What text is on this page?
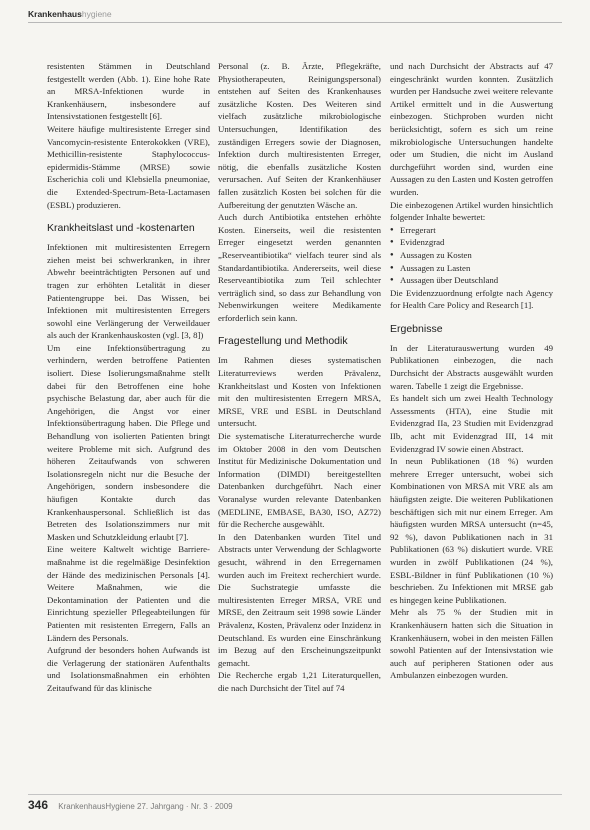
Krankenhaushygiene

resistenten Stämmen in Deutschland festgestellt werden (Abb. 1). Eine hohe Rate an MRSA-Infektionen wurde in Krankenhäusern, insbesondere auf Intensivstationen festgestellt [6].

Weitere häufige multiresistente Erreger sind Vancomycin-resistente Enterokokken (VRE), Methicillin-resistente Staphylococcus-epidermidis-Stämme (MRSE) sowie Escherichia coli und Klebsiella pneumoniae, die Extended-Spectrum-Beta-Lactamasen (ESBL) produzieren.

Krankheitslast und -kostenarten

Infektionen mit multiresistenten Erregern ziehen meist bei schwerkranken, in ihrer Abwehr beeinträchtigten Personen auf und tragen zur erhöhten Letalität in dieser Patientengruppe bei. Das Wissen, bei Infektionen mit multiresistenten Erregers sowohl eine Verlängerung der Verweildauer als auch der Krankenhauskosten (vgl. [3, 8])

Um eine Infektionsübertragung zu verhindern, werden betroffene Patienten isoliert. Diese Isolierungsmaßnahme stellt dabei für den Betroffenen eine hohe psychische Belastung dar, aber auch für die Angehörigen, die Angst vor einer Infektionsübertragung haben. Die Pflege und Behandlung von isolierten Patienten bringt weitere Probleme mit sich. Aufgrund des höheren Zeitaufwands von schweren Isolationsregeln nicht nur die Besuche der Angehörigen, sondern insbesondere die häufigen Kontakte durch das Krankenhauspersonal. Schließlich ist das Betreten des Isolationszimmers nur mit Masken und Schutzkleidung erlaubt [7].

Eine weitere Kaltwelt wichtige Barriere-maßnahme ist die regelmäßige Desinfektion der Hände des medizinischen Personals [4]. Weitere Maßnahmen, wie die Dekontamination der Patienten und die Einrichtung spezieller Pflegeabteilungen für Patienten mit resistenten Erregern, Falls an Ländern des Personals.

Aufgrund der besonders hohen Aufwands ist die Verlagerung der stationären Aufenthalts und Isolationsmaßnahmen ein erhöhten Zeitaufwand für das klinische

Personal (z. B. Ärzte, Pflegekräfte, Physiotherapeuten, Reinigungspersonal) entstehen auf Seiten des Krankenhauses zusätzliche Kosten. Des Weiteren sind vielfach zusätzliche mikrobiologische Untersuchungen, Identifikation des zuständigen Erregers sowie der Diagnosen, Infektion durch multiresistenten Erreger, nötig, die ebenfalls zusätzliche Kosten verursachen. Auf Seiten der Krankenhäuser fallen zusätzlich Kosten bei solchen für die Aufbereitung der genutzten Wäsche an.

Auch durch Antibiotika entstehen erhöhte Kosten. Einerseits, weil die resistenten Erreger eingesetzt werden genannten „Reserveantibiotika“ vielfach teurer sind als Standardantibiotika. Andererseits, weil diese Reserveantibiotika zum Teil schlechter verträglich sind, so dass zur Behandlung von Nebenwirkungen weitere Medikamente erforderlich sein kann.

Fragestellung und Methodik

Im Rahmen dieses systematischen Literaturreviews werden Prävalenz, Krankheitslast und Kosten von Infektionen mit den multiresistenten Erregern MRSA, MRSE, VRE und ESBL in Deutschland untersucht.

Die systematische Literaturrecherche wurde im Oktober 2008 in den vom Deutschen Institut für Medizinische Dokumentation und Information (DIMDI) bereitgestellten Datenbanken durchgeführt. Nach einer Voranalyse wurden relevante Datenbanken (MEDLINE, EMBASE, BA30, ISO, AZ72) für die Recherche ausgewählt.

In den Datenbanken wurden Titel und Abstracts unter Verwendung der Schlagworte gesucht, während in den Erregernamen wurden auch im Freitext recherchiert wurde. Die Suchstrategie umfasste die multiresistenten Erreger MRSA, VRE und MRSE, den Zeitraum seit 1998 sowie Länder Prävalenz, Kosten, Prävalenz oder Inzidenz in Deutschland. Es wurden eine Einschränkung im Bezug auf den Erscheinungszeitpunkt gemacht.

Die Recherche ergab 1,21 Literaturquellen, die nach Durchsicht der Titel auf 74

und nach Durchsicht der Abstracts auf 47 eingeschränkt wurden konnten. Zusätzlich wurden per Handsuche zwei weitere relevante Artikel ermittelt und in die Auswertung einbezogen. Stichproben wurden nicht berücksichtigt, sofern es sich um reine mikrobiologische Untersuchungen handelte oder um Studien, die nicht im Ausland durchgeführt worden sind, wurden eine Aussagen zu den Lasten und Kosten getroffen wurden.

Die einbezogenen Artikel wurden hinsichtlich folgender Inhalte bewertet:

● Erregerart
● Evidenzgrad
● Aussagen zu Kosten
● Aussagen zu Lasten
● Aussagen über Deutschland

Die Evidenzzuordnung erfolgte nach Agency for Health Care Policy and Research [1].

Ergebnisse

In der Literaturauswertung wurden 49 Publikationen einbezogen, die nach Durchsicht der Abstracts ausgewählt wurden waren. Tabelle 1 zeigt die Ergebnisse.

Es handelt sich um zwei Health Technology Assessments (HTA), eine Studie mit Evidenzgrad IIa, 23 Studien mit Evidenzgrad IIb, acht mit Evidenzgrad III, 14 mit Evidenzgrad IV sowie einen Abstract.

In neun Publikationen (18 %) wurden mehrere Erreger untersucht, wobei sich Kombinationen von MRSA mit VRE als am häufigsten zeigte. Die weiteren Publikationen beschäftigen sich mit nur einem Erreger. Am häufigsten wurden MRSA untersucht (n=45, 92 %), davon Publikationen nach in 31 Publikationen (63 %) diskutiert wurde. VRE wurden in zwölf Publikationen (24 %), ESBL-Bildner in fünf Publikationen (10 %) beschrieben. Zu Infektionen mit MRSE gab es hingegen keine Publikationen.

Mehr als 75 % der Studien mit in Krankenhäusern hatten sich die Situation in Krankenhäusern, wobei in den meisten Fällen sowohl Patienten auf der Intensivstation wie auch auf peripheren Stationen oder aus Ambulanzen einbezogen wurden.

346 KrankenhausHygiene 27. Jahrgang · Nr. 3 · 2009
